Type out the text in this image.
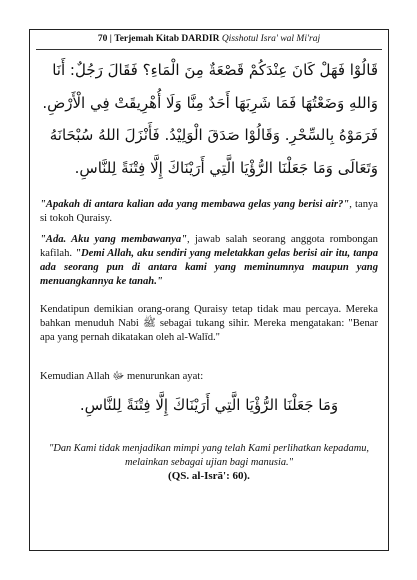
70 | Terjemah Kitab DARDIR Qisshotul Isra' wal Mi'raj

قَالُوْا فَهَلْ كَانَ عِنْدَكُمْ قَصْعَةٌ مِنَ الْمَاءِ؟ فَقَالَ رَجُلٌ: أَنَا

وَاللهِ وَضَعْتُهَا فَمَا شَرِبَهَا أَحَدٌ مِنَّا وَلَا أُهْرِيقَتْ فِي الْأَرْضِ.

فَرَمَوْهُ بِالسِّحْرِ. وَقَالُوْا صَدَقَ الْوَلِيْدُ. فَأَنْزَلَ اللهُ سُبْحَانَهُ

وَتَعَالَى وَمَا جَعَلْنَا الرُّؤْيَا الَّتِي أَرَيْنَاكَ إِلَّا فِتْنَةً لِلنَّاسِ.

"Apakah di antara kalian ada yang membawa gelas yang berisi air?", tanya si tokoh Quraisy.
"Ada. Aku yang membawanya", jawab salah seorang anggota rombongan kafilah. "Demi Allah, aku sendiri yang meletakkan gelas berisi air itu, tanpa ada seorang pun di antara kami yang meminumnya maupun yang menuangkannya ke tanah."
Kendatipun demikian orang-orang Quraisy tetap tidak mau percaya. Mereka bahkan menuduh Nabi ﷺ sebagai tukang sihir. Mereka mengatakan: "Benar apa yang pernah dikatakan oleh al-Walīd."
Kemudian Allah ﷻ menurunkan ayat:
وَمَا جَعَلْنَا الرُّؤْيَا الَّتِي أَرَيْنَاكَ إِلَّا فِتْنَةً لِلنَّاسِ.
"Dan Kami tidak menjadikan mimpi yang telah Kami perlihatkan kepadamu, melainkan sebagai ujian bagi manusia."
(QS. al-Isrā': 60).
